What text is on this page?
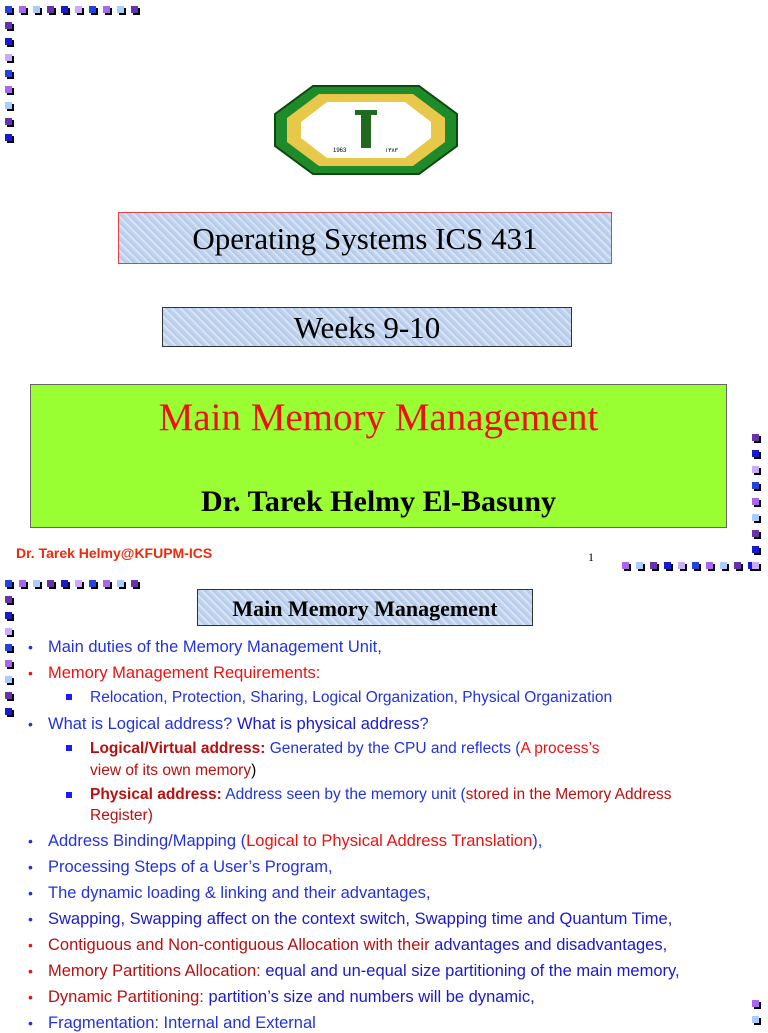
1963	١٣٨٣
Operating Systems ICS 431
Weeks 9-10
Main Memory Management
Dr. Tarek Helmy El-Basuny
Dr. Tarek Helmy@KFUPM-ICS	1
Main Memory Management
• Main duties of the Memory Management Unit,
• Memory Management Requirements:
Relocation, Protection, Sharing, Logical Organization, Physical Organization
• What is Logical address? What is physical address?
Logical/Virtual address: Generated by the CPU and reflects (A process’s
view of its own memory)
Physical address: Address seen by the memory unit (stored in the Memory Address
Register)
• Address Binding/Mapping (Logical to Physical Address Translation),
• Processing Steps of a User’s Program,
• The dynamic loading & linking and their advantages,
• Swapping, Swapping affect on the context switch, Swapping time and Quantum Time,
• Contiguous and Non-contiguous Allocation with their advantages and disadvantages,
• Memory Partitions Allocation: equal and un-equal size partitioning of the main memory,
• Dynamic Partitioning: partition’s size and numbers will be dynamic,
• Fragmentation: Internal and External
